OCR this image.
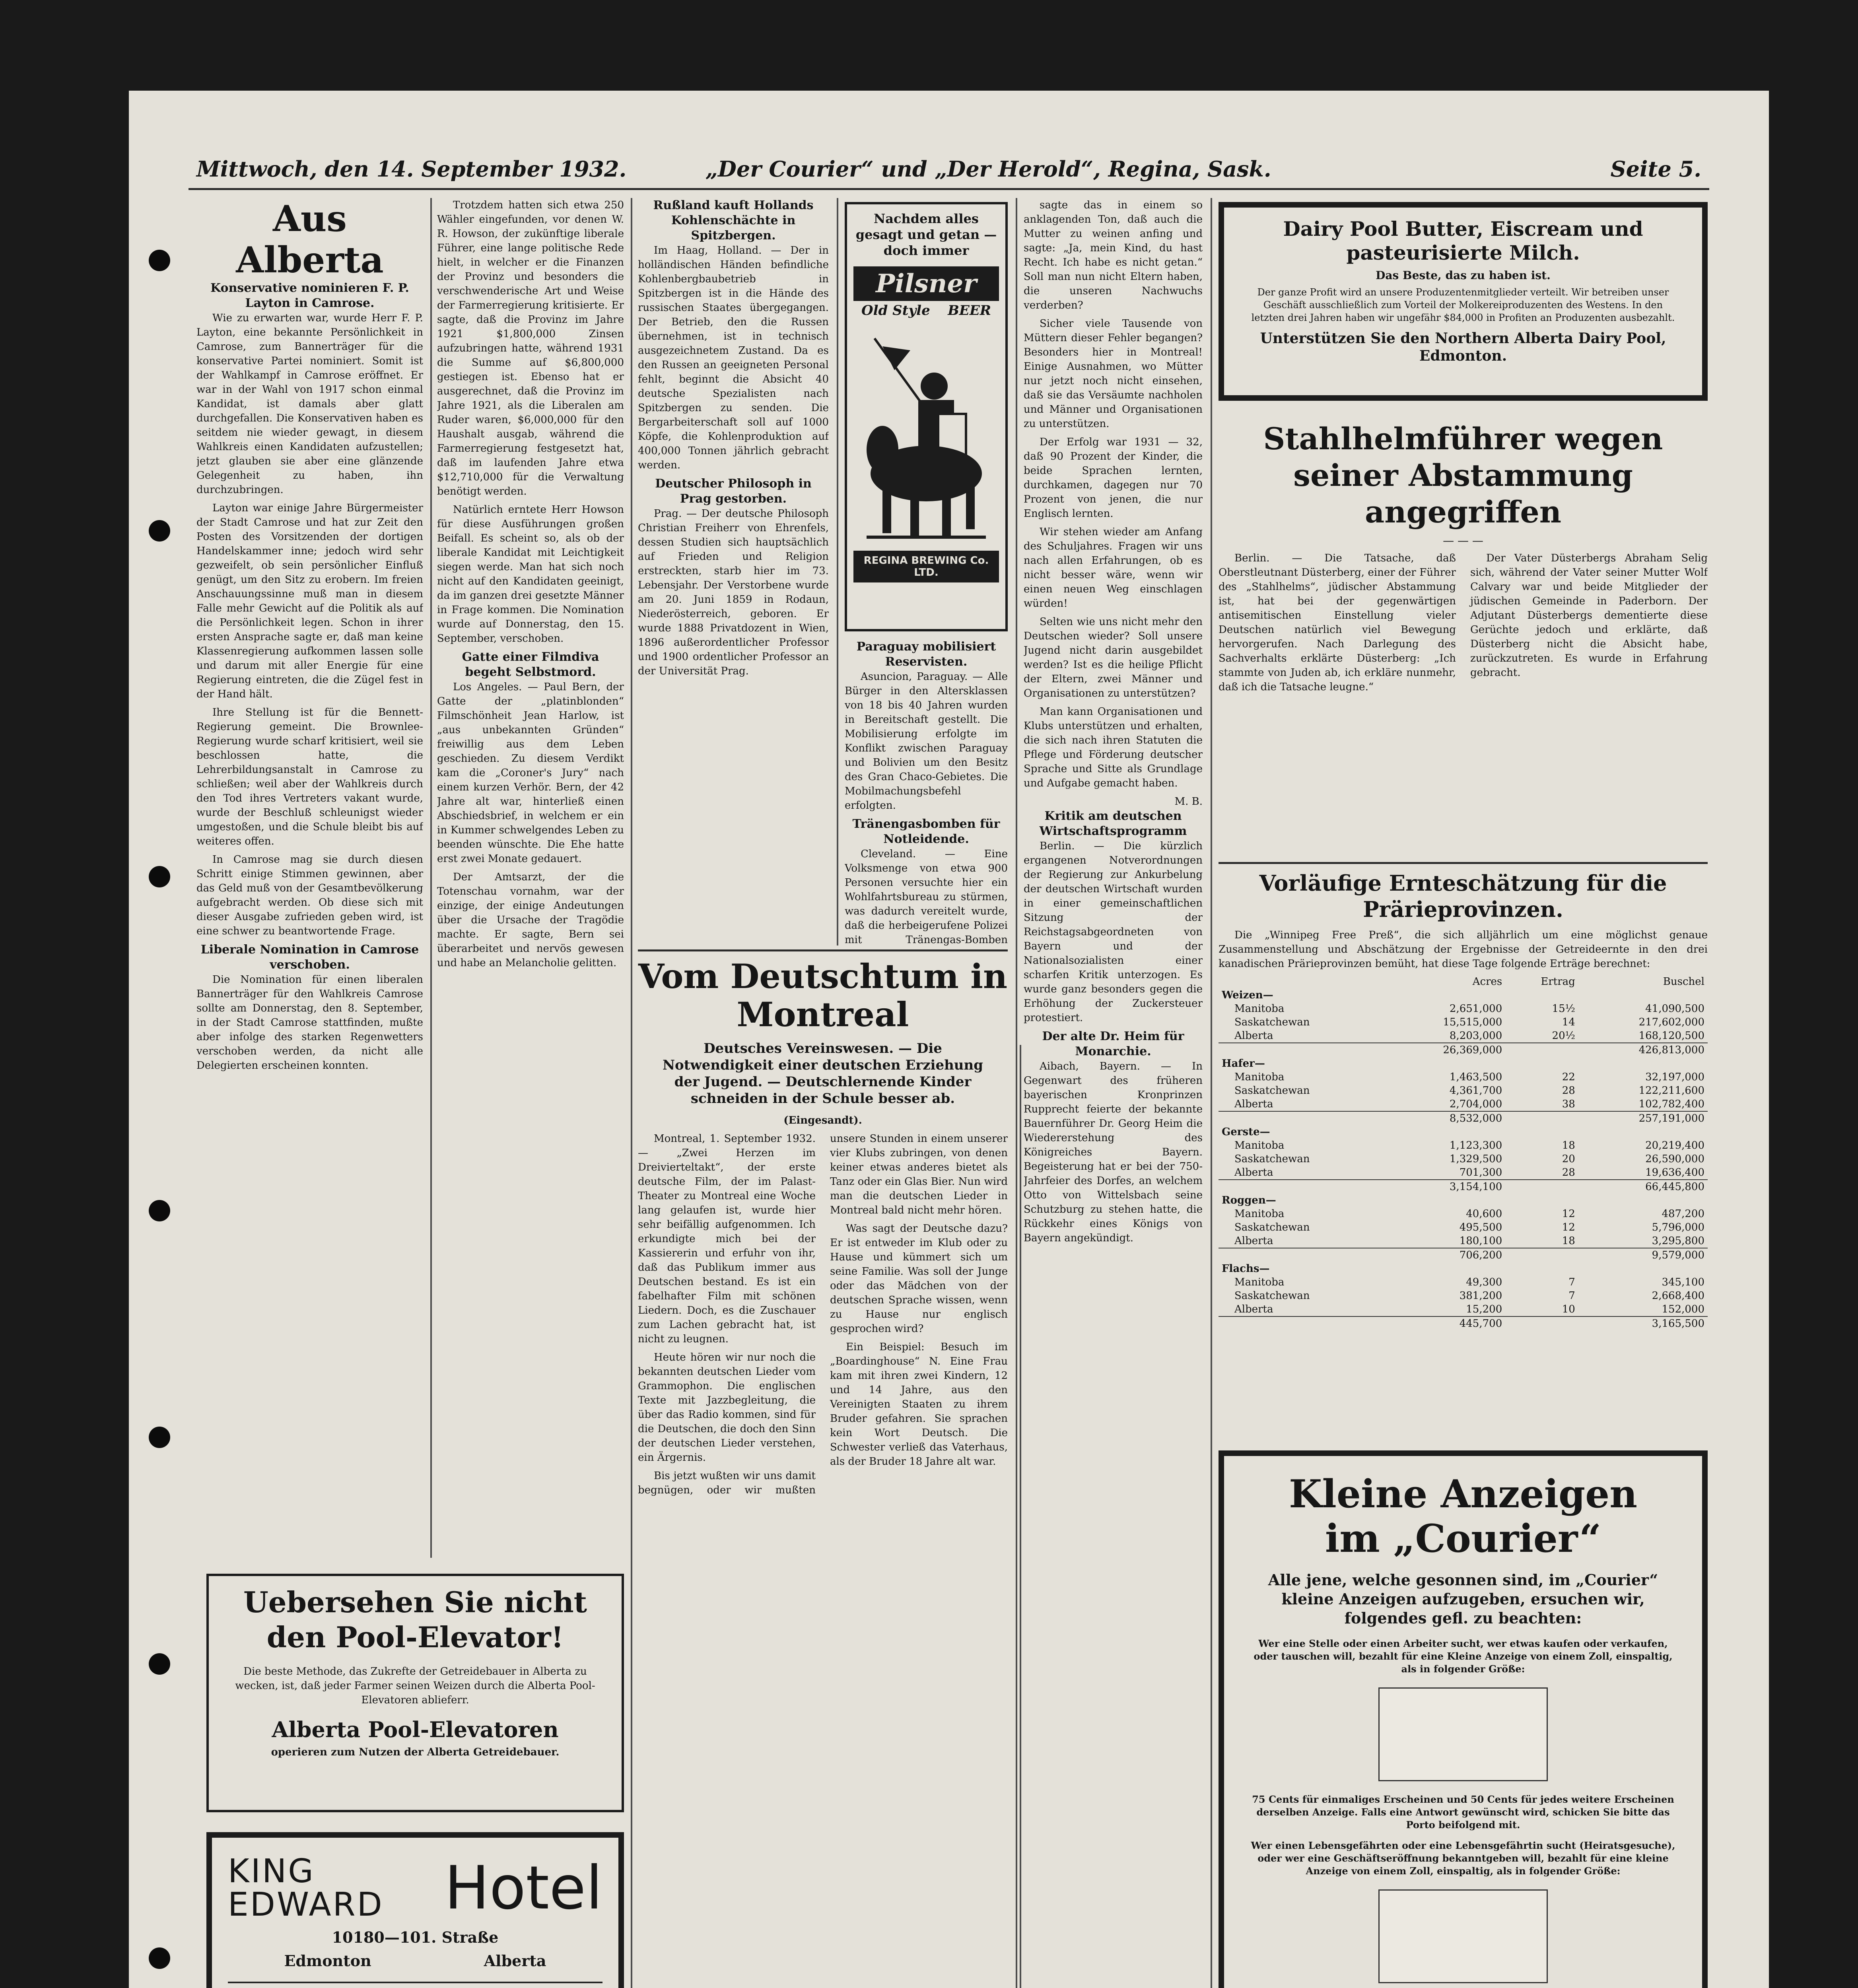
Mittwoch, den 14. September 1932.	„Der Courier“ und „Der Herold“, Regina, Sask.	Seite 5.
Aus Alberta
Konservative nominieren F. P. Layton in Camrose.

Wie zu erwarten war, wurde Herr F. P. Layton, eine bekannte Persönlichkeit in Camrose, zum Bannerträger für die konservative Partei nominiert. Somit ist der Wahlkampf in Camrose eröffnet. Er war in der Wahl von 1917 schon einmal Kandidat, ist damals aber glatt durchgefallen. Die Konservativen haben es seitdem nie wieder gewagt, in diesem Wahlkreis einen Kandidaten aufzustellen; jetzt glauben sie aber eine glänzende Gelegenheit zu haben, ihn durchzubringen.

Layton war einige Jahre Bürgermeister der Stadt Camrose und hat zur Zeit den Posten des Vorsitzenden der dortigen Handelskammer inne; jedoch wird sehr gezweifelt, ob sein persönlicher Einfluß genügt, um den Sitz zu erobern. Im freien Anschauungssinne muß man in diesem Falle mehr Gewicht auf die Politik als auf die Persönlichkeit legen. Schon in ihrer ersten Ansprache sagte er, daß man keine Klassenregierung aufkommen lassen solle und darum mit aller Energie für eine Regierung eintreten, die die Zügel fest in der Hand hält.

Ihre Stellung ist für die Bennett-Regierung gemeint. Die Brownlee-Regierung wurde scharf kritisiert, weil sie beschlossen hatte, die Lehrerbildungsanstalt in Camrose zu schließen; weil aber der Wahlkreis durch den Tod ihres Vertreters vakant wurde, wurde der Beschluß schleunigst wieder umgestoßen, und die Schule bleibt bis auf weiteres offen.

In Camrose mag sie durch diesen Schritt einige Stimmen gewinnen, aber das Geld muß von der Gesamtbevölkerung aufgebracht werden. Ob diese sich mit dieser Ausgabe zufrieden geben wird, ist eine schwer zu beantwortende Frage.

Liberale Nomination in Camrose verschoben.

Die Nomination für einen liberalen Bannerträger für den Wahlkreis Camrose sollte am Donnerstag, den 8. September, in der Stadt Camrose stattfinden, mußte aber infolge des starken Regenwetters verschoben werden, da nicht alle Delegierten erscheinen konnten.

Trotzdem hatten sich etwa 250 Wähler eingefunden, vor denen W. R. Howson, der zukünftige liberale Führer, eine lange politische Rede hielt, in welcher er die Finanzen der Provinz und besonders die verschwenderische Art und Weise der Farmerregierung kritisierte. Er sagte, daß die Provinz im Jahre 1921 $1,800,000 Zinsen aufzubringen hatte, während 1931 die Summe auf $6,800,000 gestiegen ist. Ebenso hat er ausgerechnet, daß die Provinz im Jahre 1921, als die Liberalen am Ruder waren, $6,000,000 für den Haushalt ausgab, während die Farmerregierung festgesetzt hat, daß im laufenden Jahre etwa $12,710,000 für die Verwaltung benötigt werden.

Natürlich erntete Herr Howson für diese Ausführungen großen Beifall. Es scheint so, als ob der liberale Kandidat mit Leichtigkeit siegen werde. Man hat sich noch nicht auf den Kandidaten geeinigt, da im ganzen drei gesetzte Männer in Frage kommen. Die Nomination wurde auf Donnerstag, den 15. September, verschoben.

Gatte einer Filmdiva begeht Selbstmord.

Los Angeles. — Paul Bern, der Gatte der „platinblonden“ Filmschönheit Jean Harlow, ist „aus unbekannten Gründen“ freiwillig aus dem Leben geschieden. Zu diesem Verdikt kam die „Coroner's Jury“ nach einem kurzen Verhör. Bern, der 42 Jahre alt war, hinterließ einen Abschiedsbrief, in welchem er ein in Kummer schwelgendes Leben zu beenden wünschte. Die Ehe hatte erst zwei Monate gedauert.

Der Amtsarzt, der die Totenschau vornahm, war der einzige, der einige Andeutungen über die Ursache der Tragödie machte. Er sagte, Bern sei überarbeitet und nervös gewesen und habe an Melancholie gelitten.

Uebersehen Sie nicht den Pool-Elevator!
Die beste Methode, das Zukrefte der Getreidebauer in Alberta zu wecken, ist, daß jeder Farmer seinen Weizen durch die Alberta Pool-Elevatoren ablieferr.
Alberta Pool-Elevatoren
operieren zum Nutzen der Alberta Getreidebauer.
KING
EDWARD Hotel
10180—101. Straße
Edmonton	Alberta
Rußland kauft Hollands Kohlenschächte in Spitzbergen.

Im Haag, Holland. — Der in holländischen Händen befindliche Kohlenbergbaubetrieb in Spitzbergen ist in die Hände des russischen Staates übergegangen. Der Betrieb, den die Russen übernehmen, ist in technisch ausgezeichnetem Zustand. Da es den Russen an geeigneten Personal fehlt, beginnt die Absicht 40 deutsche Spezialisten nach Spitzbergen zu senden. Die Bergarbeiterschaft soll auf 1000 Köpfe, die Kohlenproduktion auf 400,000 Tonnen jährlich gebracht werden.

Deutscher Philosoph in Prag gestorben.

Prag. — Der deutsche Philosoph Christian Freiherr von Ehrenfels, dessen Studien sich hauptsächlich auf Frieden und Religion erstreckten, starb hier im 73. Lebensjahr. Der Verstorbene wurde am 20. Juni 1859 in Rodaun, Niederösterreich, geboren. Er wurde 1888 Privatdozent in Wien, 1896 außerordentlicher Professor und 1900 ordentlicher Professor an der Universität Prag.

Nachdem alles gesagt und getan — doch immer
Pilsner
Old Style BEER
REGINA BREWING Co. LTD.
Paraguay mobilisiert Reservisten.

Asuncion, Paraguay. — Alle Bürger in den Altersklassen von 18 bis 40 Jahren wurden in Bereitschaft gestellt. Die Mobilisierung erfolgte im Konflikt zwischen Paraguay und Bolivien um den Besitz des Gran Chaco-Gebietes. Die Mobilmachungsbefehl erfolgten.

Tränengasbomben für Notleidende.

Cleveland. — Eine Volksmenge von etwa 900 Personen versuchte hier ein Wohlfahrtsbureau zu stürmen, was dadurch vereitelt wurde, daß die herbeigerufene Polizei mit Tränengas-Bomben

Vom Deutschtum in Montreal
Deutsches Vereinswesen. — Die Notwendigkeit einer deutschen Erziehung der Jugend. — Deutschlernende Kinder schneiden in der Schule besser ab.
(Eingesandt).

Montreal, 1. September 1932. — „Zwei Herzen im Dreivierteltakt“, der erste deutsche Film, der im Palast-Theater zu Montreal eine Woche lang gelaufen ist, wurde hier sehr beifällig aufgenommen. Ich erkundigte mich bei der Kassiererin und erfuhr von ihr, daß das Publikum immer aus Deutschen bestand. Es ist ein fabelhafter Film mit schönen Liedern. Doch, es die Zuschauer zum Lachen gebracht hat, ist nicht zu leugnen.

Heute hören wir nur noch die bekannten deutschen Lieder vom Grammophon. Die englischen Texte mit Jazzbegleitung, die über das Radio kommen, sind für die Deutschen, die doch den Sinn der deutschen Lieder verstehen, ein Ärgernis.

Bis jetzt wußten wir uns damit begnügen, oder wir mußten unsere Stunden in einem unserer vier Klubs zubringen, von denen keiner etwas anderes bietet als Tanz oder ein Glas Bier. Nun wird man die deutschen Lieder in Montreal bald nicht mehr hören.

Was sagt der Deutsche dazu? Er ist entweder im Klub oder zu Hause und kümmert sich um seine Familie. Was soll der Junge oder das Mädchen von der deutschen Sprache wissen, wenn zu Hause nur englisch gesprochen wird?

Ein Beispiel: Besuch im „Boardinghouse“ N. Eine Frau kam mit ihren zwei Kindern, 12 und 14 Jahre, aus den Vereinigten Staaten zu ihrem Bruder gefahren. Sie sprachen kein Wort Deutsch. Die Schwester verließ das Vaterhaus, als der Bruder 18 Jahre alt war.

sagte das in einem so anklagenden Ton, daß auch die Mutter zu weinen anfing und sagte: „Ja, mein Kind, du hast Recht. Ich habe es nicht getan.“ Soll man nun nicht Eltern haben, die unseren Nachwuchs verderben?

Sicher viele Tausende von Müttern dieser Fehler begangen? Besonders hier in Montreal! Einige Ausnahmen, wo Mütter nur jetzt noch nicht einsehen, daß sie das Versäumte nachholen und Männer und Organisationen zu unterstützen.

Der Erfolg war 1931 — 32, daß 90 Prozent der Kinder, die beide Sprachen lernten, durchkamen, dagegen nur 70 Prozent von jenen, die nur Englisch lernten.

Wir stehen wieder am Anfang des Schuljahres. Fragen wir uns nach allen Erfahrungen, ob es nicht besser wäre, wenn wir einen neuen Weg einschlagen würden!

Selten wie uns nicht mehr den Deutschen wieder? Soll unsere Jugend nicht darin ausgebildet werden? Ist es die heilige Pflicht der Eltern, zwei Männer und Organisationen zu unterstützen?

Man kann Organisationen und Klubs unterstützen und erhalten, die sich nach ihren Statuten die Pflege und Förderung deutscher Sprache und Sitte als Grundlage und Aufgabe gemacht haben.

M. B.
Kritik am deutschen Wirtschaftsprogramm

Berlin. — Die kürzlich ergangenen Notverordnungen der Regierung zur Ankurbelung der deutschen Wirtschaft wurden in einer gemeinschaftlichen Sitzung der Reichstagsabgeordneten von Bayern und der Nationalsozialisten einer scharfen Kritik unterzogen. Es wurde ganz besonders gegen die Erhöhung der Zuckersteuer protestiert.

Der alte Dr. Heim für Monarchie.

Aibach, Bayern. — In Gegenwart des früheren bayerischen Kronprinzen Rupprecht feierte der bekannte Bauernführer Dr. Georg Heim die Wiedererstehung des Königreiches Bayern. Begeisterung hat er bei der 750-Jahrfeier des Dorfes, an welchem Otto von Wittelsbach seine Schutzburg zu stehen hatte, die Rückkehr eines Königs von Bayern angekündigt.

Dairy Pool Butter, Eiscream und pasteurisierte Milch.
Das Beste, das zu haben ist.
Der ganze Profit wird an unsere Produzentenmitglieder verteilt. Wir betreiben unser Geschäft ausschließlich zum Vorteil der Molkereiproduzenten des Westens. In den letzten drei Jahren haben wir ungefähr $84,000 in Profiten an Produzenten ausbezahlt.
Unterstützen Sie den Northern Alberta Dairy Pool, Edmonton.
Stahlhelmführer wegen seiner Abstammung angegriffen
— — —

Berlin. — Die Tatsache, daß Oberstleutnant Düsterberg, einer der Führer des „Stahlhelms“, jüdischer Abstammung ist, hat bei der gegenwärtigen antisemitischen Einstellung vieler Deutschen natürlich viel Bewegung hervorgerufen. Nach Darlegung des Sachverhalts erklärte Düsterberg: „Ich stammte von Juden ab, ich erkläre nunmehr, daß ich die Tatsache leugne.“

Der Vater Düsterbergs Abraham Selig sich, während der Vater seiner Mutter Wolf Calvary war und beide Mitglieder der jüdischen Gemeinde in Paderborn. Der Adjutant Düsterbergs dementierte diese Gerüchte jedoch und erklärte, daß Düsterberg nicht die Absicht habe, zurückzutreten. Es wurde in Erfahrung gebracht.

Vorläufige Ernteschätzung für die Prärieprovinzen.

Die „Winnipeg Free Preß“, die sich alljährlich um eine möglichst genaue Zusammenstellung und Abschätzung der Ergebnisse der Getreideernte in den drei kanadischen Prärieprovinzen bemüht, hat diese Tage folgende Erträge berechnet:

	Acres	Ertrag	Buschel
Weizen—			
Manitoba	2,651,000	15½	41,090,500
Saskatchewan	15,515,000	14	217,602,000
Alberta	8,203,000	20½	168,120,500
	26,369,000		426,813,000
Hafer—			
Manitoba	1,463,500	22	32,197,000
Saskatchewan	4,361,700	28	122,211,600
Alberta	2,704,000	38	102,782,400
	8,532,000		257,191,000
Gerste—			
Manitoba	1,123,300	18	20,219,400
Saskatchewan	1,329,500	20	26,590,000
Alberta	701,300	28	19,636,400
	3,154,100		66,445,800
Roggen—			
Manitoba	40,600	12	487,200
Saskatchewan	495,500	12	5,796,000
Alberta	180,100	18	3,295,800
	706,200		9,579,000
Flachs—			
Manitoba	49,300	7	345,100
Saskatchewan	381,200	7	2,668,400
Alberta	15,200	10	152,000
	445,700		3,165,500
Kleine Anzeigen
im „Courier“
Alle jene, welche gesonnen sind, im „Courier“ kleine Anzeigen aufzugeben, ersuchen wir, folgendes gefl. zu beachten:
Wer eine Stelle oder einen Arbeiter sucht, wer etwas kaufen oder verkaufen, oder tauschen will, bezahlt für eine Kleine Anzeige von einem Zoll, einspaltig, als in folgender Größe:
75 Cents für einmaliges Erscheinen und 50 Cents für jedes weitere Erscheinen derselben Anzeige. Falls eine Antwort gewünscht wird, schicken Sie bitte das Porto beifolgend mit.
Wer einen Lebensgefährten oder eine Lebensgefährtin sucht (Heiratsgesuche), oder wer eine Geschäftseröffnung bekanntgeben will, bezahlt für eine kleine Anzeige von einem Zoll, einspaltig, als in folgender Größe:
